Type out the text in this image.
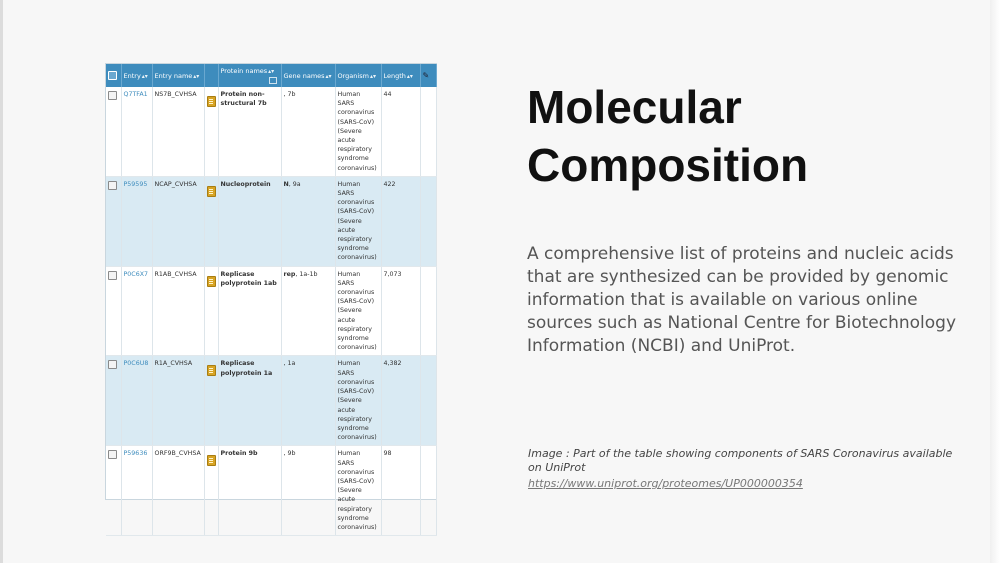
	Entry▴▾	Entry name▴▾		Protein names▴▾	Gene names▴▾	Organism▴▾	Length▴▾	✎
	Q7TFA1	NS7B_CVHSA		Protein non-structural 7b	, 7b	Human SARS coronavirus (SARS-CoV) (Severe acute respiratory syndrome coronavirus)	44	
	P59595	NCAP_CVHSA		Nucleoprotein	N, 9a	Human SARS coronavirus (SARS-CoV) (Severe acute respiratory syndrome coronavirus)	422	
	P0C6X7	R1AB_CVHSA		Replicase polyprotein 1ab	rep, 1a-1b	Human SARS coronavirus (SARS-CoV) (Severe acute respiratory syndrome coronavirus)	7,073	
	P0C6U8	R1A_CVHSA		Replicase polyprotein 1a	, 1a	Human SARS coronavirus (SARS-CoV) (Severe acute respiratory syndrome coronavirus)	4,382	
	P59636	ORF9B_CVHSA		Protein 9b	, 9b	Human SARS coronavirus (SARS-CoV) (Severe acute respiratory syndrome coronavirus)	98	
Molecular Composition
A comprehensive list of proteins and nucleic acids that are synthesized can be provided by genomic information that is available on various online sources such as National Centre for Biotechnology Information (NCBI) and UniProt.
Image : Part of the table showing components of SARS Coronavirus available on UniProt
https://www.uniprot.org/proteomes/UP000000354
